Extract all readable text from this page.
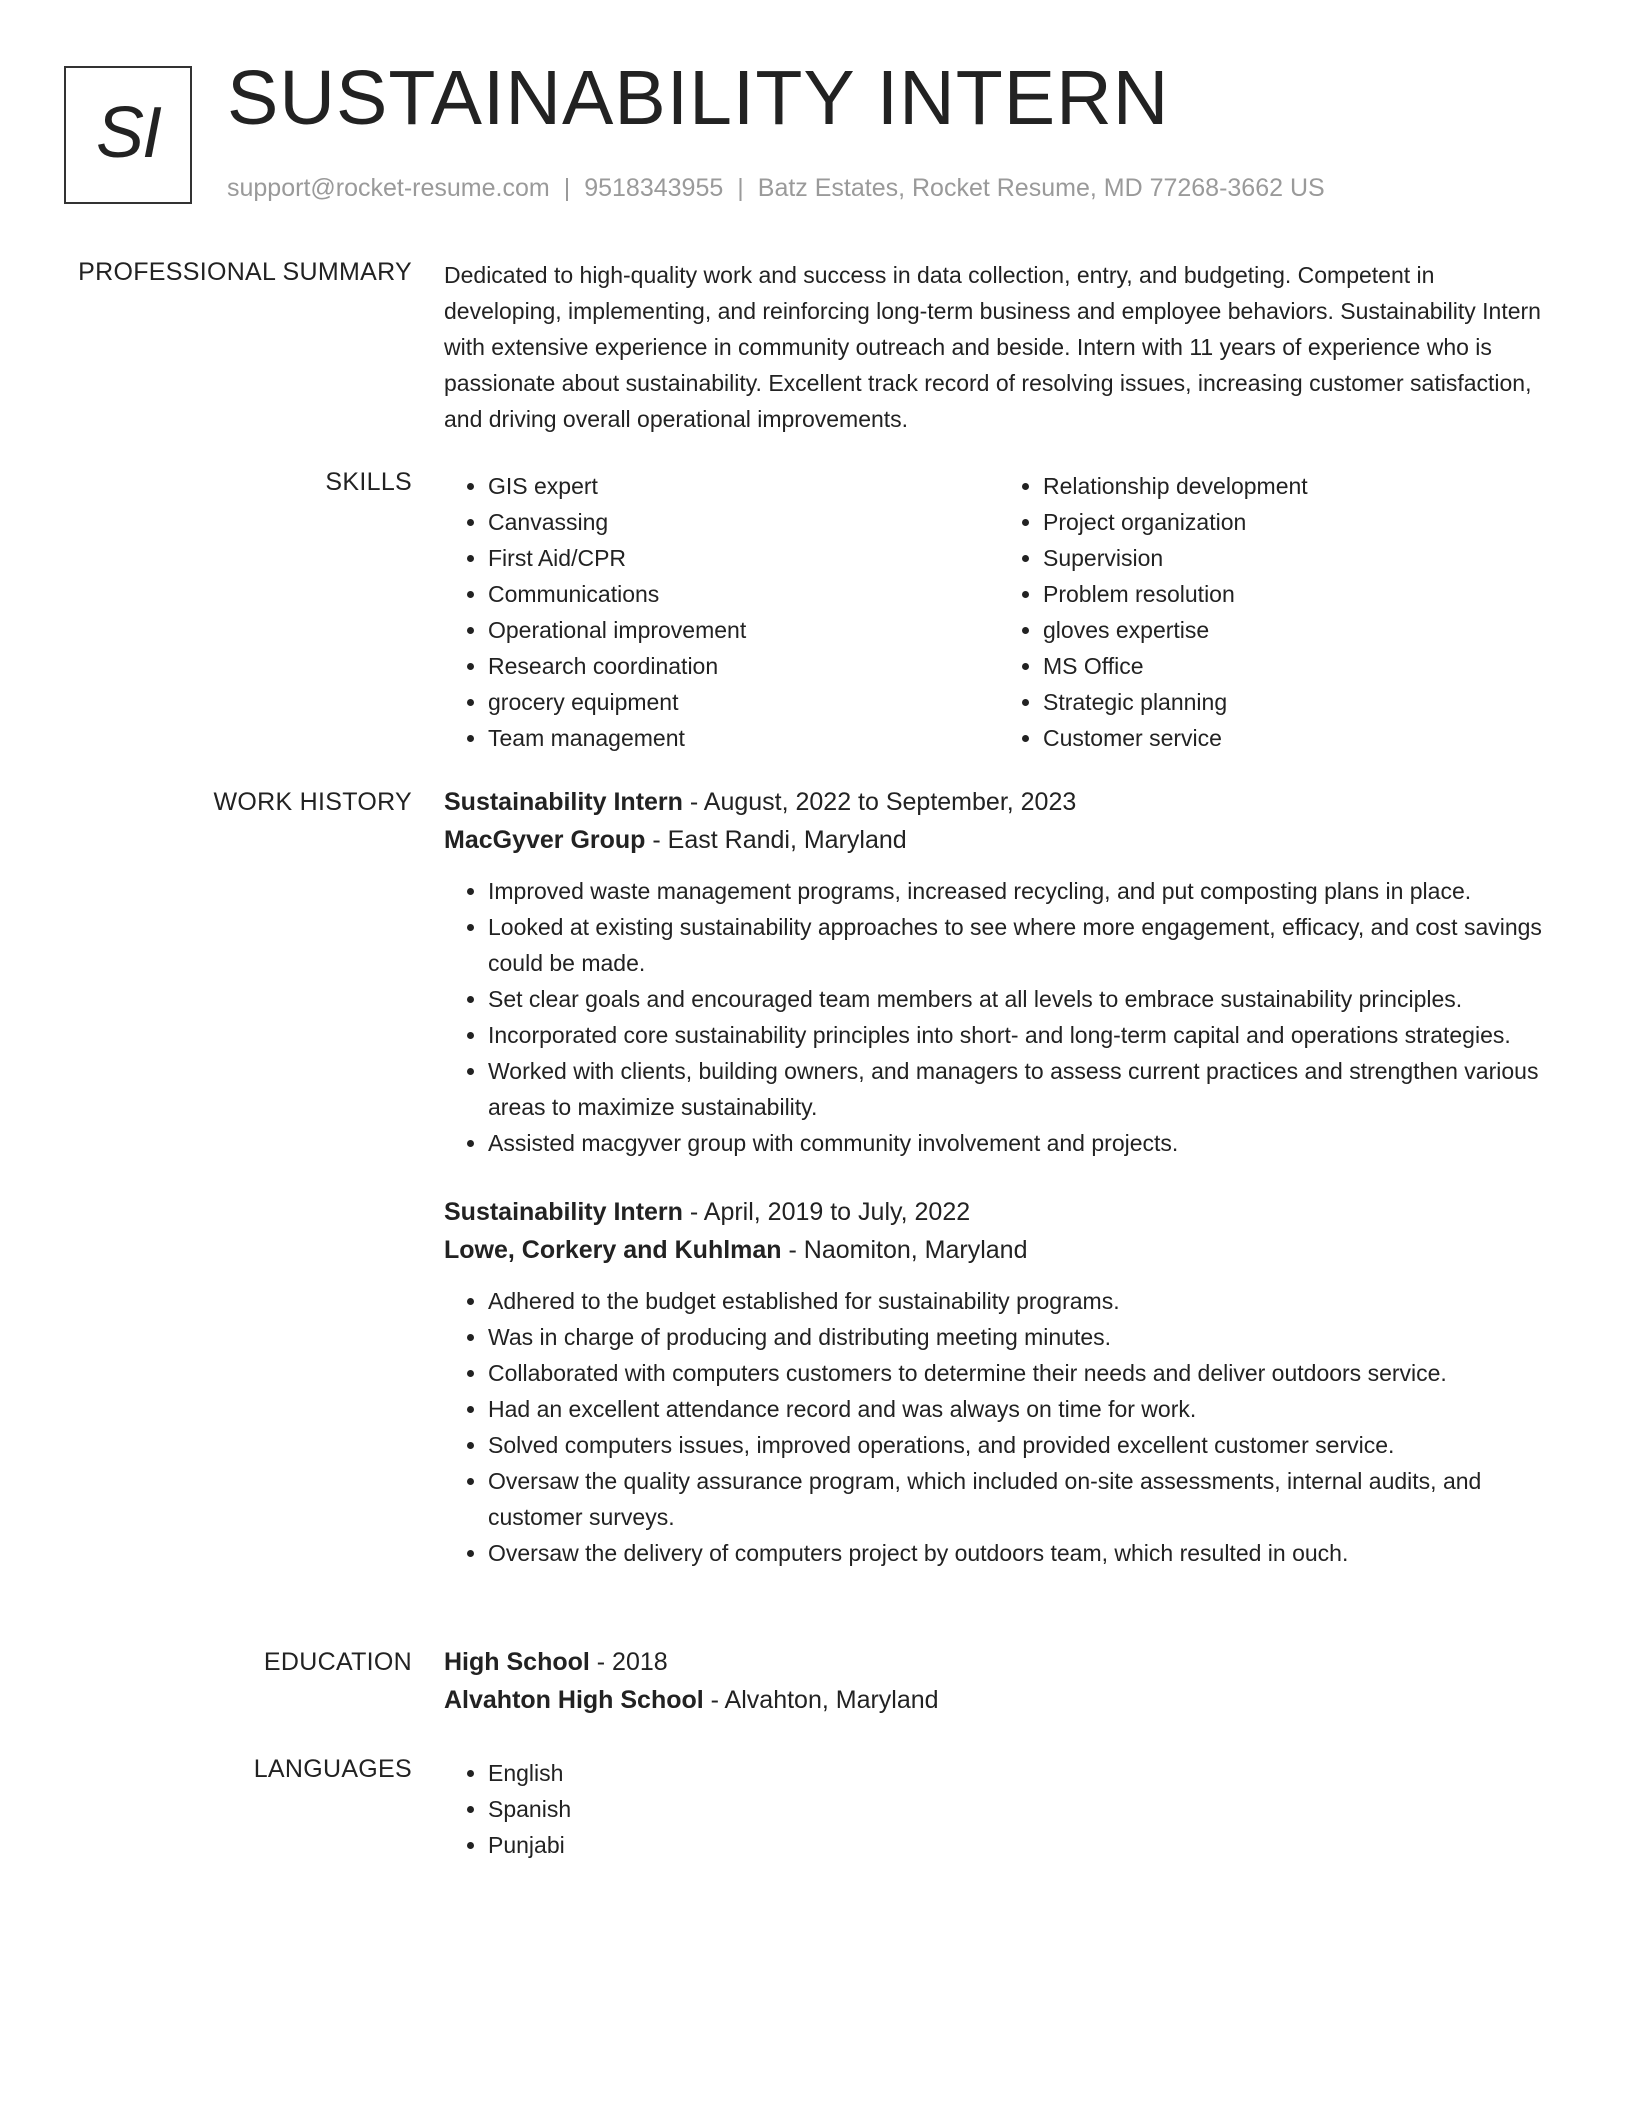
SI SUSTAINABILITY INTERN
support@rocket-resume.com | 9518343955 | Batz Estates, Rocket Resume, MD 77268-3662 US
PROFESSIONAL SUMMARY Dedicated to high-quality work and success in data collection, entry, and budgeting. Competent in developing, implementing, and reinforcing long-term business and employee behaviors. Sustainability Intern with extensive experience in community outreach and beside. Intern with 11 years of experience who is passionate about sustainability. Excellent track record of resolving issues, increasing customer satisfaction, and driving overall operational improvements.

SKILLS	• GIS expert
• Canvassing
• First Aid/CPR
• Communications
• Operational improvement
• Research coordination
• grocery equipment
• Team management
• Relationship development
• Project organization
• Supervision
• Problem resolution
• gloves expertise
• MS Office
• Strategic planning
• Customer service
WORK HISTORY Sustainability Intern - August, 2022 to September, 2023
MacGyver Group - East Randi, Maryland
• Improved waste management programs, increased recycling, and put composting plans in place.
• Looked at existing sustainability approaches to see where more engagement, efficacy, and cost savings could be made.
• Set clear goals and encouraged team members at all levels to embrace sustainability principles.
• Incorporated core sustainability principles into short- and long-term capital and operations strategies.
• Worked with clients, building owners, and managers to assess current practices and strengthen various areas to maximize sustainability.
• Assisted macgyver group with community involvement and projects.
Sustainability Intern - April, 2019 to July, 2022
Lowe, Corkery and Kuhlman - Naomiton, Maryland
• Adhered to the budget established for sustainability programs.
• Was in charge of producing and distributing meeting minutes.
• Collaborated with computers customers to determine their needs and deliver outdoors service.
• Had an excellent attendance record and was always on time for work.
• Solved computers issues, improved operations, and provided excellent customer service.
• Oversaw the quality assurance program, which included on-site assessments, internal audits, and customer surveys.
• Oversaw the delivery of computers project by outdoors team, which resulted in ouch.
EDUCATION High School - 2018
Alvahton High School - Alvahton, Maryland
LANGUAGES	• English
• Spanish
• Punjabi
